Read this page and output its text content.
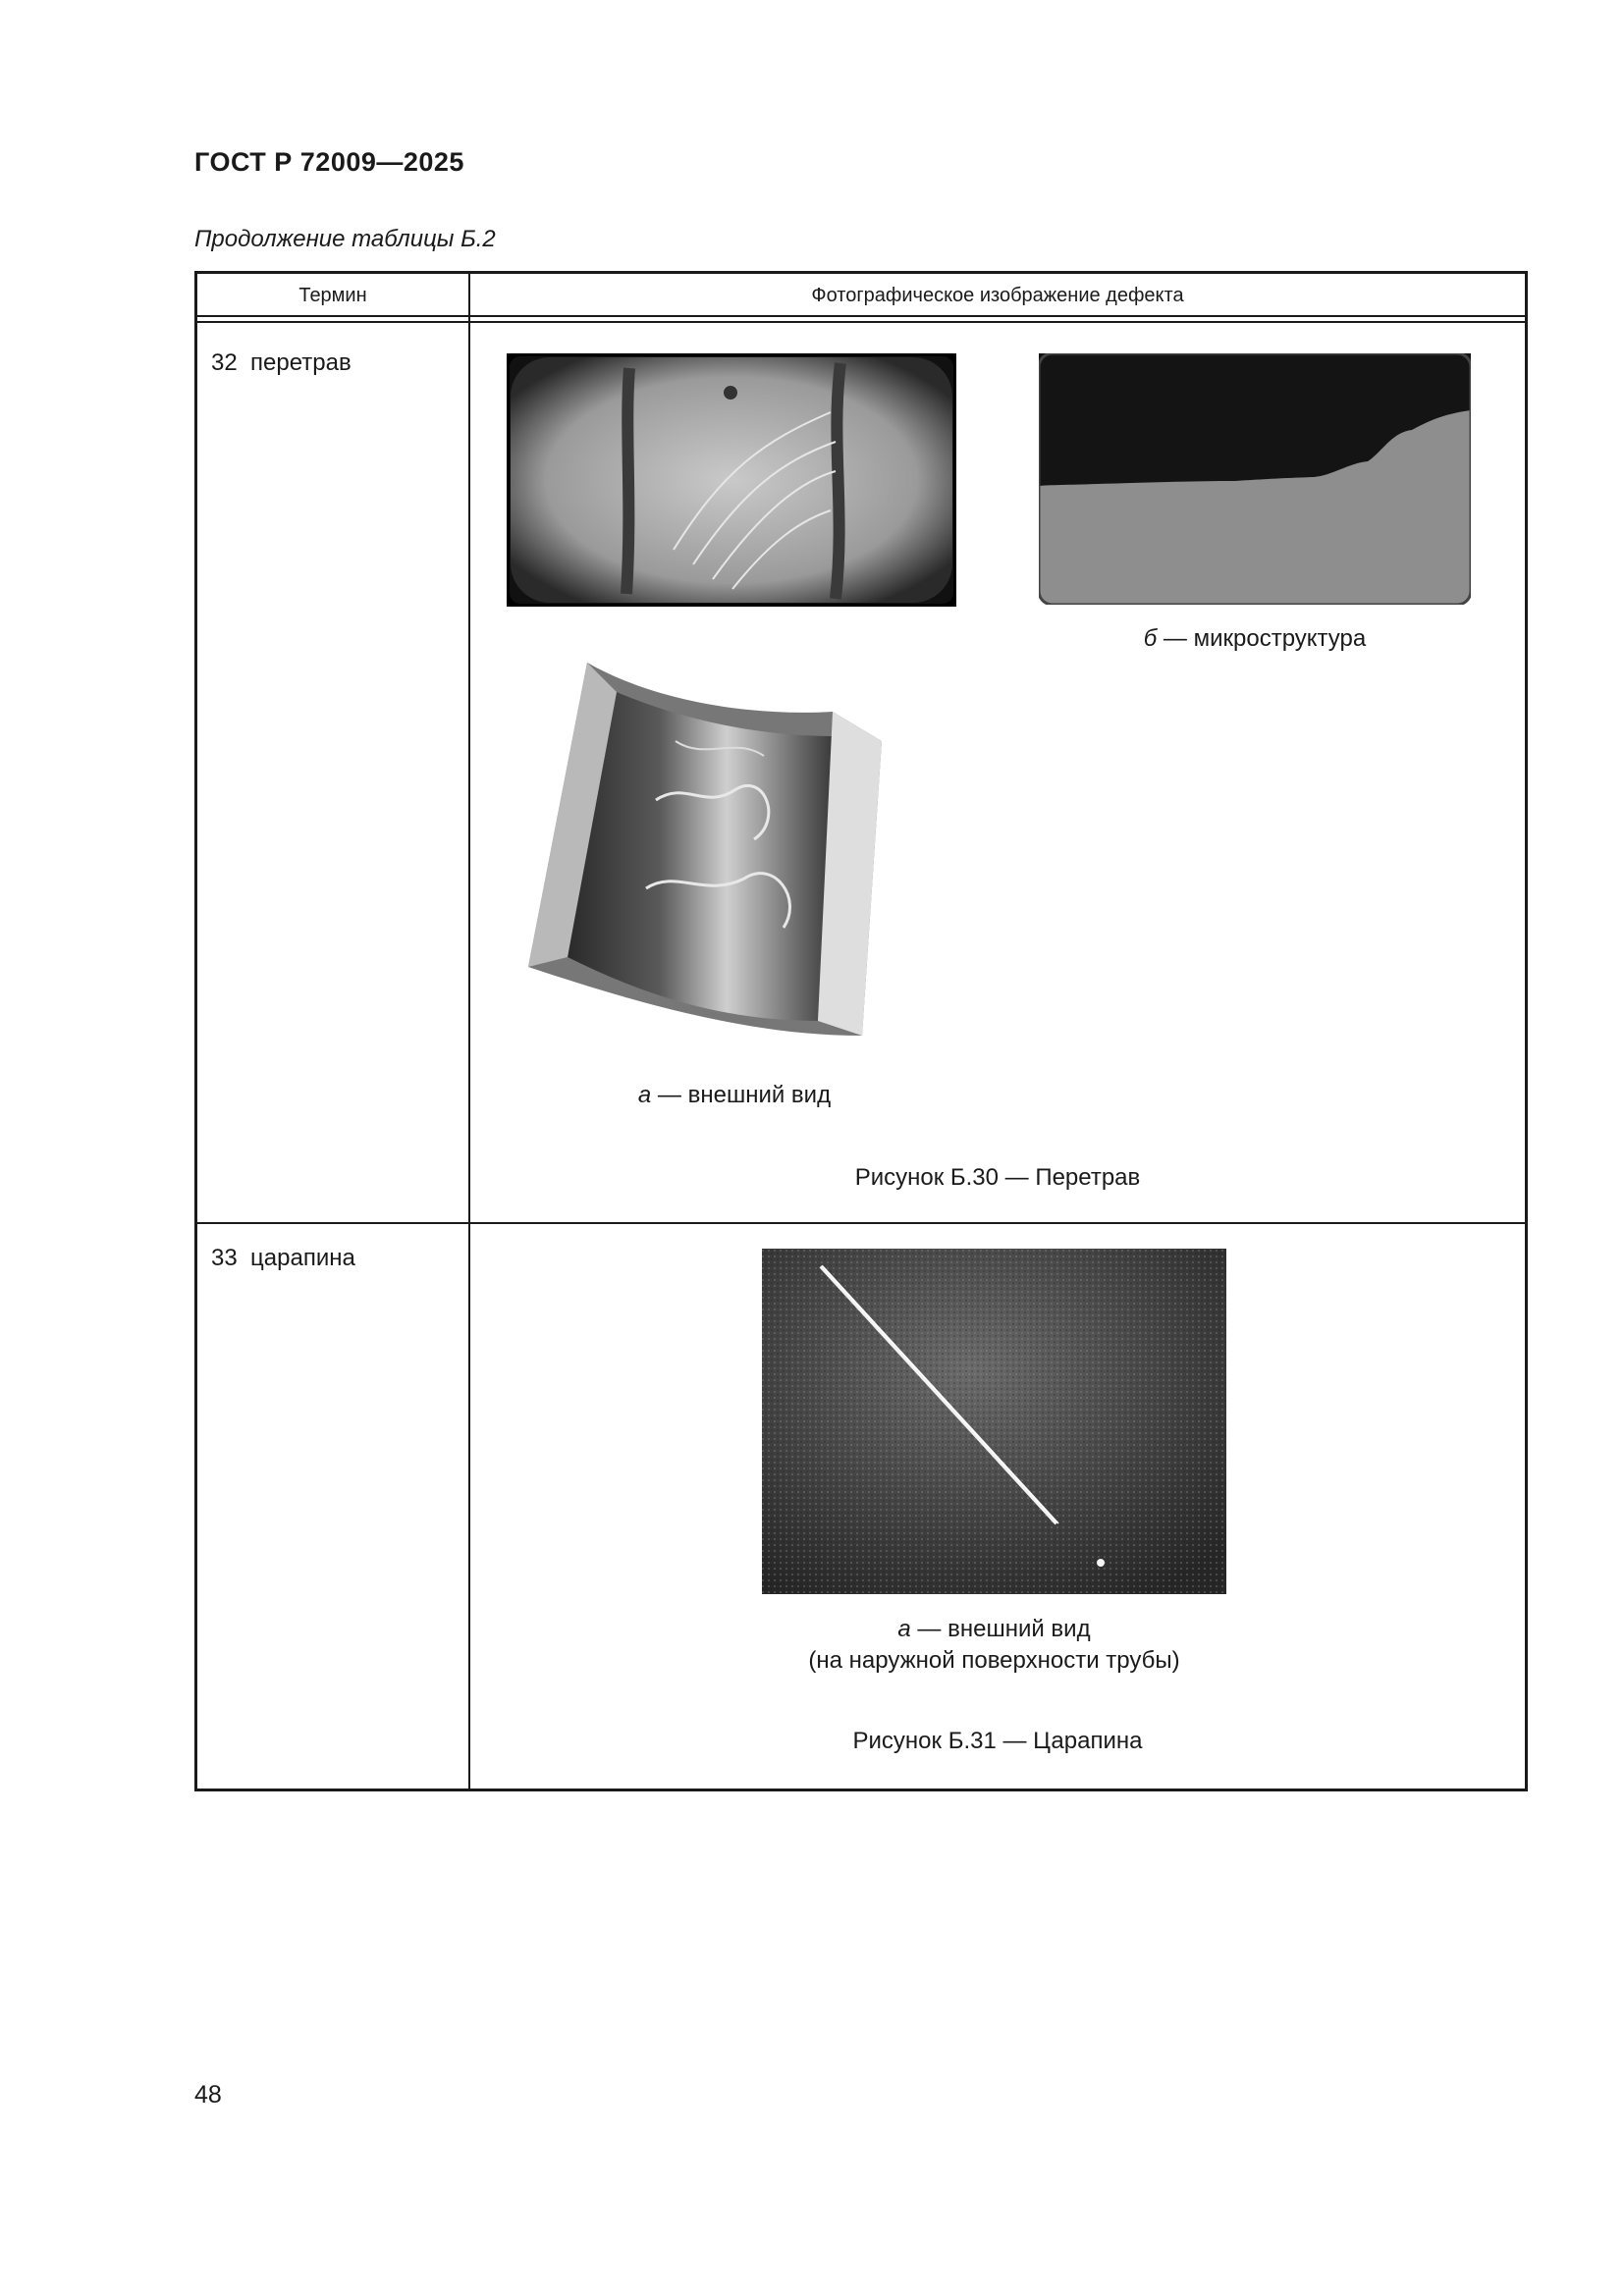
ГОСТ Р 72009—2025
Продолжение таблицы Б.2
Термин	Фотографическое изображение дефекта
32  перетрав
б — микроструктура
а — внешний вид
Рисунок Б.30 — Перетрав
33  царапина
а — внешний вид
(на наружной поверхности трубы)
Рисунок Б.31 — Царапина
48
